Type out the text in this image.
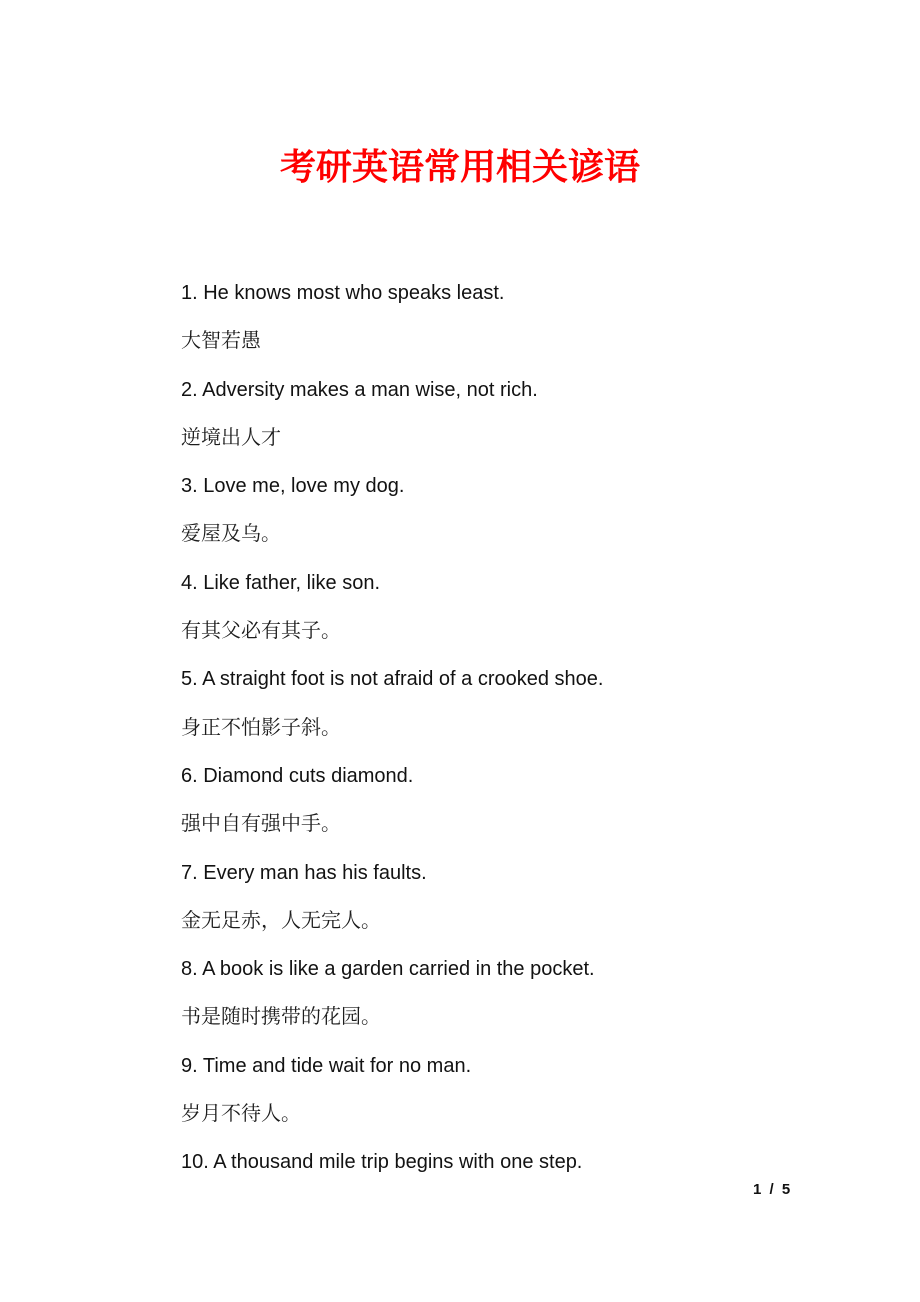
考研英语常用相关谚语

1. He knows most who speaks least.

大智若愚

2. Adversity makes a man wise, not rich.

逆境出人才

3. Love me, love my dog.

爱屋及乌。

4. Like father, like son.

有其父必有其子。

5. A straight foot is not afraid of a crooked shoe.

身正不怕影子斜。

6. Diamond cuts diamond.

强中自有强中手。

7. Every man has his faults.

金无足赤，人无完人。

8. A book is like a garden carried in the pocket.

书是随时携带的花园。

9. Time and tide wait for no man.

岁月不待人。

10. A thousand mile trip begins with one step.

1 / 5
